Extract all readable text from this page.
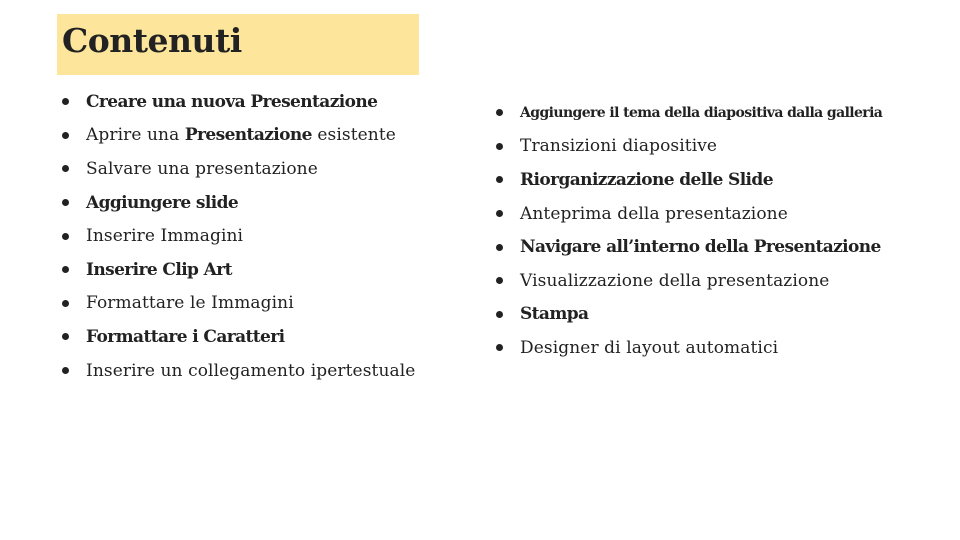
Contenuti
Creare una nuova Presentazione
Aprire una Presentazione esistente
Salvare una presentazione
Aggiungere slide
Inserire Immagini
Inserire Clip Art
Formattare le Immagini
Formattare i Caratteri
Inserire un collegamento ipertestuale
Aggiungere il tema della diapositiva dalla galleria
Transizioni diapositive
Riorganizzazione delle Slide
Anteprima della presentazione
Navigare all’interno della Presentazione
Visualizzazione della presentazione
Stampa
Designer di layout automatici
